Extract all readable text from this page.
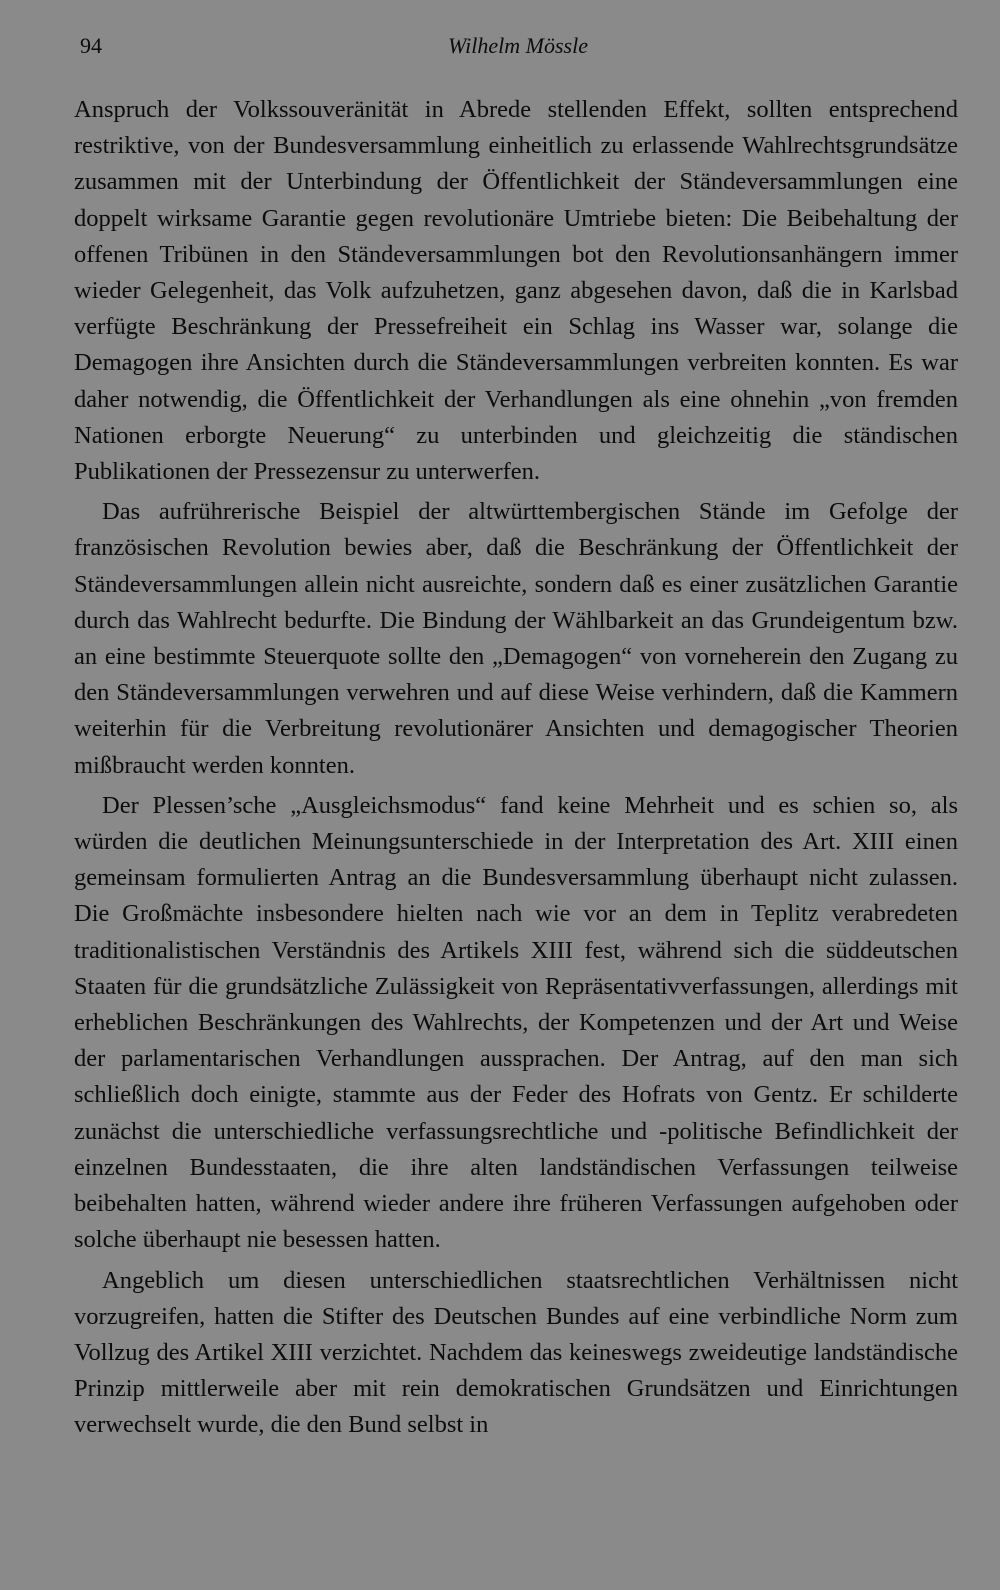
94	Wilhelm Mössle

Anspruch der Volkssouveränität in Abrede stellenden Effekt, sollten entsprechend restriktive, von der Bundesversammlung einheitlich zu erlassende Wahlrechtsgrundsätze zusammen mit der Unterbindung der Öffentlichkeit der Ständeversammlungen eine doppelt wirksame Garantie gegen revolutionäre Umtriebe bieten: Die Beibehaltung der offenen Tribünen in den Ständeversammlungen bot den Revolutionsanhängern immer wieder Gelegenheit, das Volk aufzuhetzen, ganz abgesehen davon, daß die in Karlsbad verfügte Beschränkung der Pressefreiheit ein Schlag ins Wasser war, solange die Demagogen ihre Ansichten durch die Ständeversammlungen verbreiten konnten. Es war daher notwendig, die Öffentlichkeit der Verhandlungen als eine ohnehin „von fremden Nationen erborgte Neuerung“ zu unterbinden und gleichzeitig die ständischen Publikationen der Pressezensur zu unterwerfen.

Das aufrührerische Beispiel der altwürttembergischen Stände im Gefolge der französischen Revolution bewies aber, daß die Beschränkung der Öffentlichkeit der Ständeversammlungen allein nicht ausreichte, sondern daß es einer zusätzlichen Garantie durch das Wahlrecht bedurfte. Die Bindung der Wählbarkeit an das Grundeigentum bzw. an eine bestimmte Steuerquote sollte den „Demagogen“ von vorneherein den Zugang zu den Ständeversammlungen verwehren und auf diese Weise verhindern, daß die Kammern weiterhin für die Verbreitung revolutionärer Ansichten und demagogischer Theorien mißbraucht werden konnten.

Der Plessen’sche „Ausgleichsmodus“ fand keine Mehrheit und es schien so, als würden die deutlichen Meinungsunterschiede in der Interpretation des Art. XIII einen gemeinsam formulierten Antrag an die Bundesversammlung überhaupt nicht zulassen. Die Großmächte insbesondere hielten nach wie vor an dem in Teplitz verabredeten traditionalistischen Verständnis des Artikels XIII fest, während sich die süddeutschen Staaten für die grundsätzliche Zulässigkeit von Repräsentativverfassungen, allerdings mit erheblichen Beschränkungen des Wahlrechts, der Kompetenzen und der Art und Weise der parlamentarischen Verhandlungen aussprachen. Der Antrag, auf den man sich schließlich doch einigte, stammte aus der Feder des Hofrats von Gentz. Er schilderte zunächst die unterschiedliche verfassungsrechtliche und -politische Befindlichkeit der einzelnen Bundesstaaten, die ihre alten landständischen Verfassungen teilweise beibehalten hatten, während wieder andere ihre früheren Verfassungen aufgehoben oder solche überhaupt nie besessen hatten.

Angeblich um diesen unterschiedlichen staatsrechtlichen Verhältnissen nicht vorzugreifen, hatten die Stifter des Deutschen Bundes auf eine verbindliche Norm zum Vollzug des Artikel XIII verzichtet. Nachdem das keineswegs zweideutige landständische Prinzip mittlerweile aber mit rein demokratischen Grundsätzen und Einrichtungen verwechselt wurde, die den Bund selbst in
